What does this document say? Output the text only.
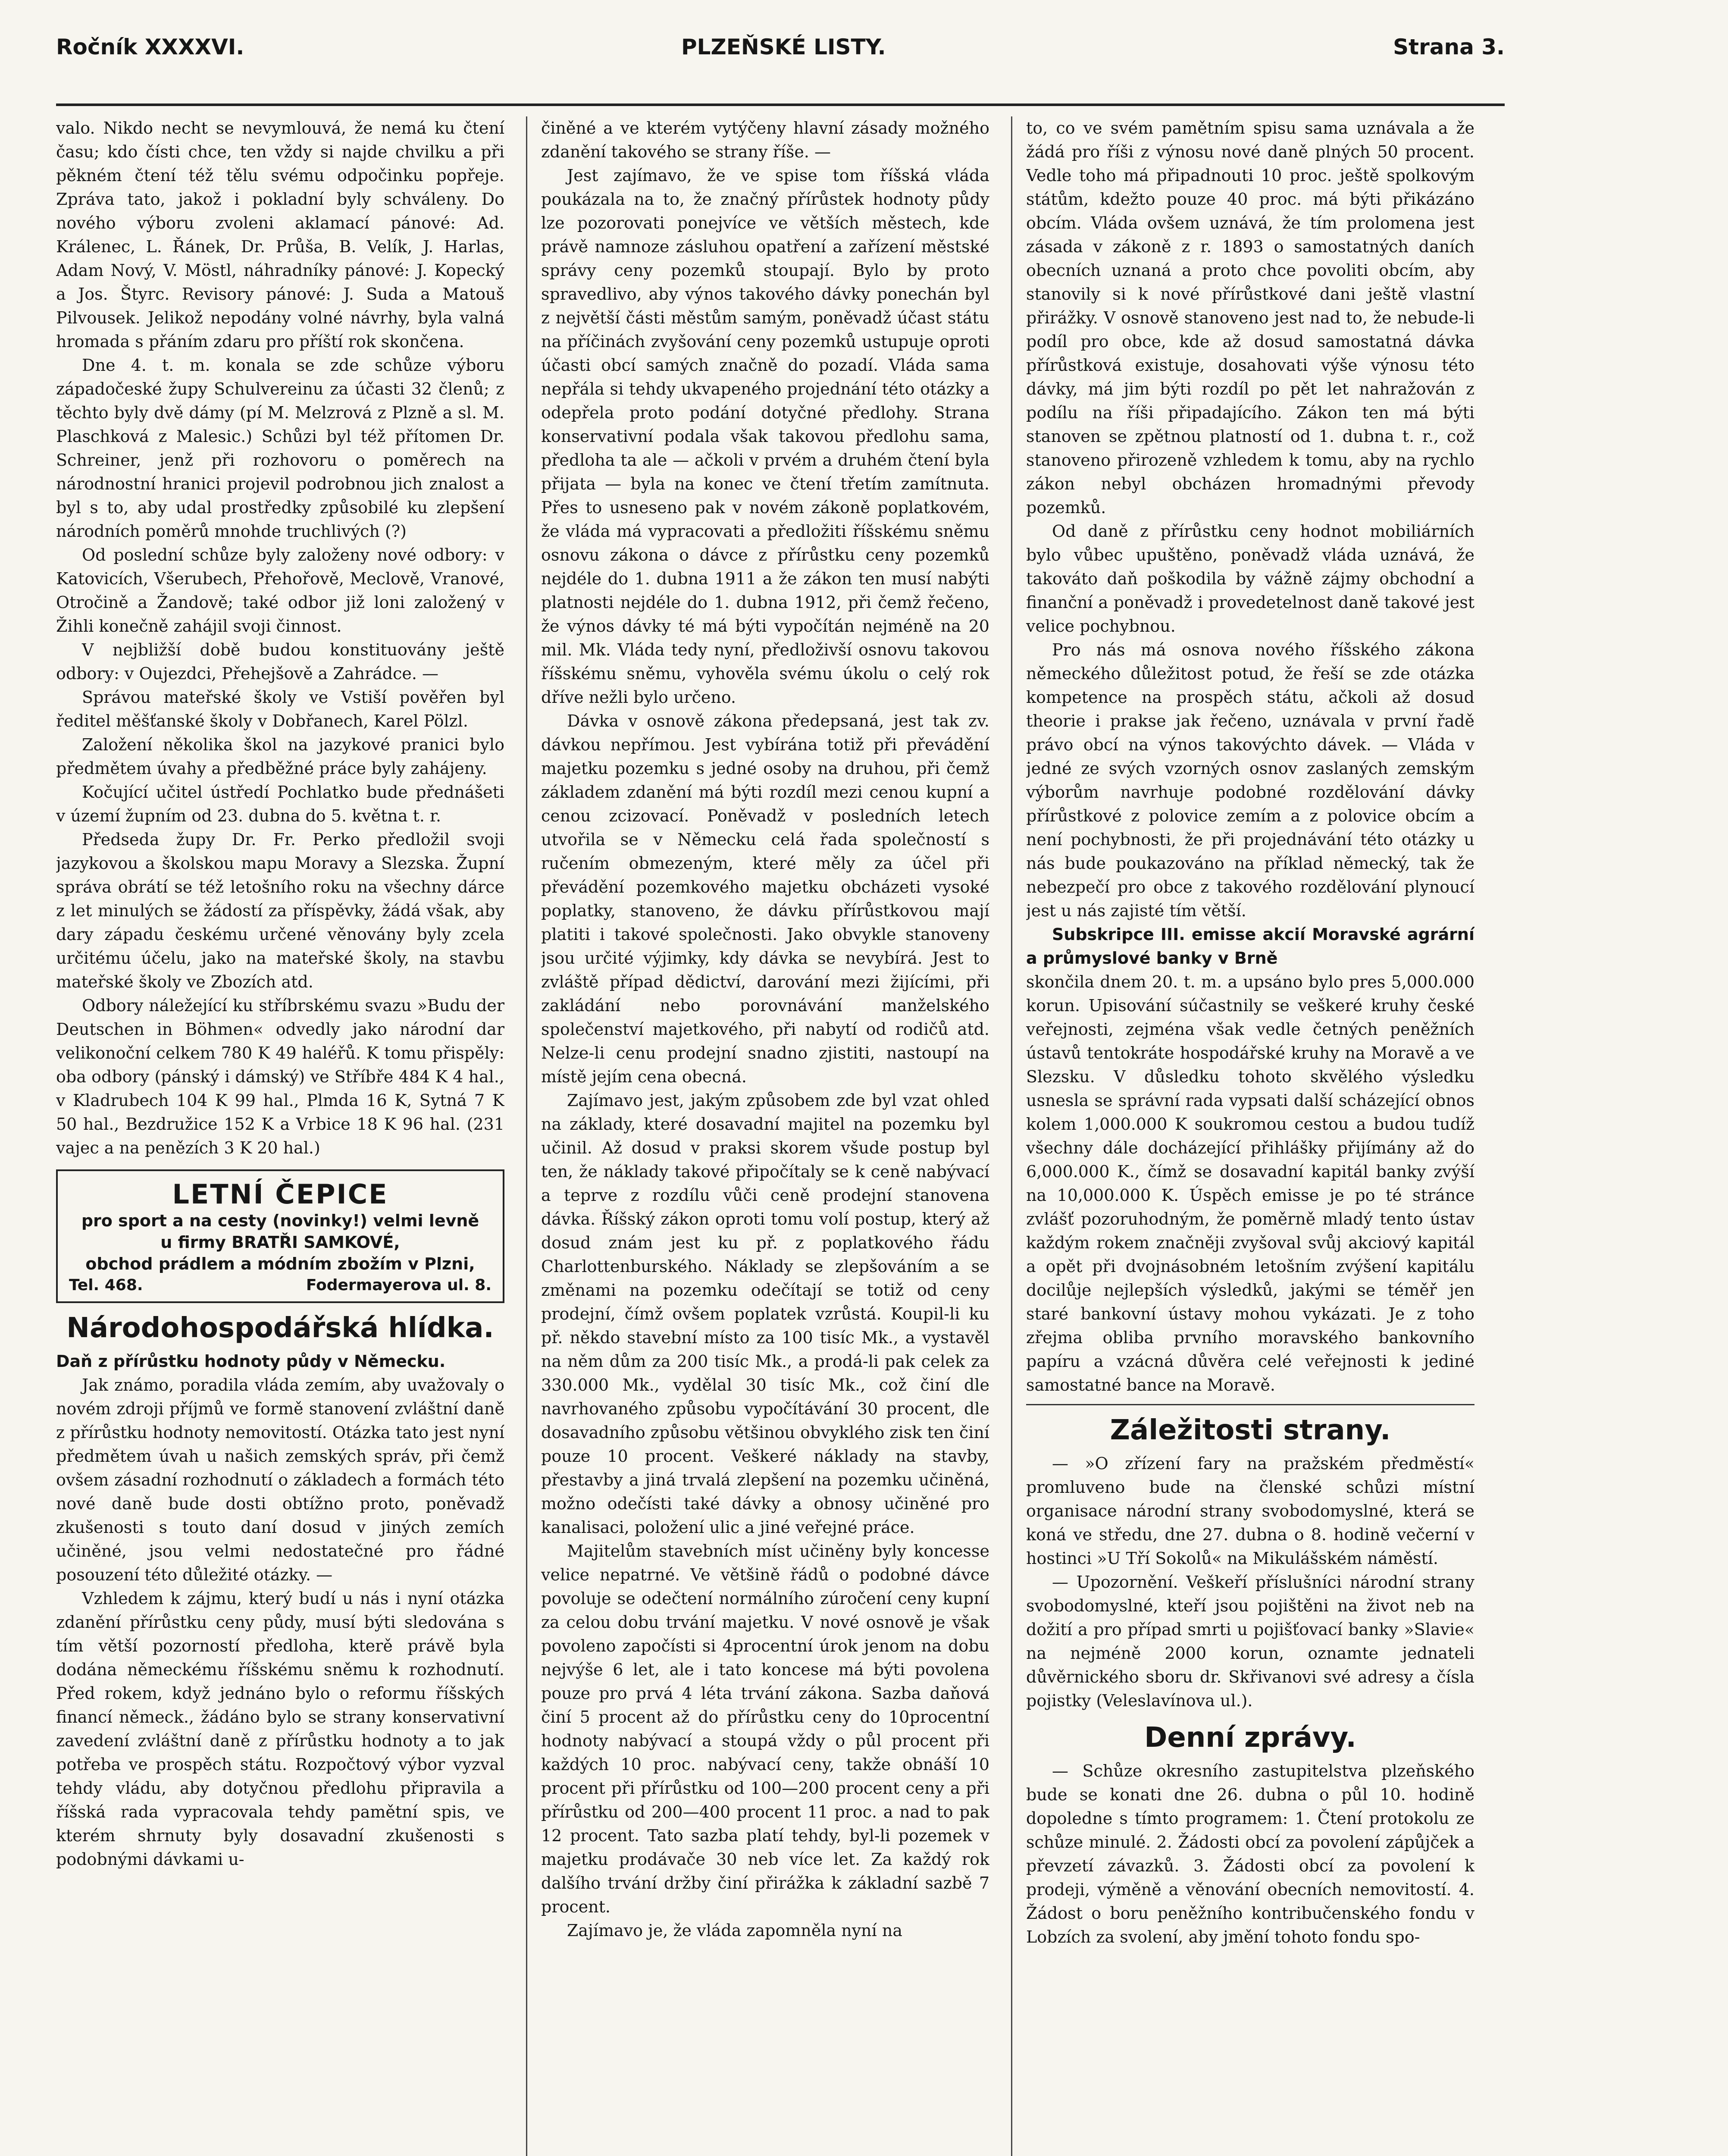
Ročník XXXXVI.	PLZEŇSKÉ LISTY.	Strana 3.

valo. Nikdo necht se nevymlouvá, že nemá ku čtení času; kdo čísti chce, ten vždy si najde chvilku a při pěkném čtení též tělu svému odpočinku popřeje. Zpráva tato, jakož i pokladní byly schváleny. Do nového výboru zvoleni aklamací pánové: Ad. Králenec, L. Řánek, Dr. Průša, B. Velík, J. Harlas, Adam Nový, V. Möstl, náhradníky pánové: J. Kopecký a Jos. Štyrc. Revisory pánové: J. Suda a Matouš Pilvousek. Jelikož nepodány volné návrhy, byla valná hromada s přáním zdaru pro příští rok skončena.

Dne 4. t. m. konala se zde schůze výboru západočeské župy Schulvereinu za účasti 32 členů; z těchto byly dvě dámy (pí M. Melzrová z Plzně a sl. M. Plaschková z Malesic.) Schůzi byl též přítomen Dr. Schreiner, jenž při rozhovoru o poměrech na národnostní hranici projevil podrobnou jich znalost a byl s to, aby udal prostředky způsobilé ku zlepšení národních poměrů mnohde truchlivých (?)

Od poslední schůze byly založeny nové odbory: v Katovicích, Všerubech, Přehořově, Meclově, Vranové, Otročině a Žandově; také odbor již loni založený v Žihli konečně zahájil svoji činnost.

V nejbližší době budou konstituovány ještě odbory: v Oujezdci, Přehejšově a Zahrádce. —

Správou mateřské školy ve Vstiší pověřen byl ředitel měšťanské školy v Dobřanech, Karel Pölzl.

Založení několika škol na jazykové pranici bylo předmětem úvahy a předběžné práce byly zahájeny.

Kočující učitel ústředí Pochlatko bude přednášeti v území župním od 23. dubna do 5. května t. r.

Předseda župy Dr. Fr. Perko předložil svoji jazykovou a školskou mapu Moravy a Slezska. Župní správa obrátí se též letošního roku na všechny dárce z let minulých se žádostí za příspěvky, žádá však, aby dary západu českému určené věnovány byly zcela určitému účelu, jako na mateřské školy, na stavbu mateřské školy ve Zbozích atd.

Odbory náležející ku stříbrskému svazu »Budu der Deutschen in Böhmen« odvedly jako národní dar velikonoční celkem 780 K 49 haléřů. K tomu přispěly: oba odbory (pánský i dámský) ve Stříbře 484 K 4 hal., v Kladrubech 104 K 99 hal., Plmda 16 K, Sytná 7 K 50 hal., Bezdružice 152 K a Vrbice 18 K 96 hal. (231 vajec a na penězích 3 K 20 hal.)

LETNÍ ČEPICE
pro sport a na cesty (novinky!) velmi levně
u firmy BRATŘI SAMKOVÉ,
obchod prádlem a módním zbožím v Plzni,
Tel. 468.	Fodermayerova ul. 8.
Národohospodářská hlídka.
Daň z přírůstku hodnoty půdy v Německu.

Jak známo, poradila vláda zemím, aby uvažovaly o novém zdroji příjmů ve formě stanovení zvláštní daně z přírůstku hodnoty nemovitostí. Otázka tato jest nyní předmětem úvah u našich zemských správ, při čemž ovšem zásadní rozhodnutí o základech a formách této nové daně bude dosti obtížno proto, poněvadž zkušenosti s touto daní dosud v jiných zemích učiněné, jsou velmi nedostatečné pro řádné posouzení této důležité otázky. —

Vzhledem k zájmu, který budí u nás i nyní otázka zdanění přírůstku ceny půdy, musí býti sledována s tím větší pozorností předloha, kterě právě byla dodána německému říšskému sněmu k rozhodnutí. Před rokem, když jednáno bylo o reformu říšských financí německ., žádáno bylo se strany konservativní zavedení zvláštní daně z přírůstku hodnoty a to jak potřeba ve prospěch státu. Rozpočtový výbor vyzval tehdy vládu, aby dotyčnou předlohu připravila a říšská rada vypracovala tehdy pamětní spis, ve kterém shrnuty byly dosavadní zkušenosti s podobnými dávkami u-

činěné a ve kterém vytýčeny hlavní zásady možného zdanění takového se strany říše. —

Jest zajímavo, že ve spise tom říšská vláda poukázala na to, že značný přírůstek hodnoty půdy lze pozorovati ponejvíce ve větších městech, kde právě namnoze zásluhou opatření a zařízení městské správy ceny pozemků stoupají. Bylo by proto spravedlivo, aby výnos takového dávky ponechán byl z největší části městům samým, poněvadž účast státu na příčinách zvyšování ceny pozemků ustupuje oproti účasti obcí samých značně do pozadí. Vláda sama nepřála si tehdy ukvapeného projednání této otázky a odepřela proto podání dotyčné předlohy. Strana konservativní podala však takovou předlohu sama, předloha ta ale — ačkoli v prvém a druhém čtení byla přijata — byla na konec ve čtení třetím zamítnuta. Přes to usneseno pak v novém zákoně poplatkovém, že vláda má vypracovati a předložiti říšskému sněmu osnovu zákona o dávce z přírůstku ceny pozemků nejdéle do 1. dubna 1911 a že zákon ten musí nabýti platnosti nejdéle do 1. dubna 1912, při čemž řečeno, že výnos dávky té má býti vypočítán nejméně na 20 mil. Mk. Vláda tedy nyní, předloživší osnovu takovou říšskému sněmu, vyhověla svému úkolu o celý rok dříve nežli bylo určeno.

Dávka v osnově zákona předepsaná, jest tak zv. dávkou nepřímou. Jest vybírána totiž při převádění majetku pozemku s jedné osoby na druhou, při čemž základem zdanění má býti rozdíl mezi cenou kupní a cenou zcizovací. Poněvadž v posledních letech utvořila se v Německu celá řada společností s ručením obmezeným, které měly za účel při převádění pozemkového majetku obcházeti vysoké poplatky, stanoveno, že dávku přírůstkovou mají platiti i takové společnosti. Jako obvykle stanoveny jsou určité výjimky, kdy dávka se nevybírá. Jest to zvláště případ dědictví, darování mezi žijícími, při zakládání nebo porovnávání manželského společenství majetkového, při nabytí od rodičů atd. Nelze-li cenu prodejní snadno zjistiti, nastoupí na místě jejím cena obecná.

Zajímavo jest, jakým způsobem zde byl vzat ohled na základy, které dosavadní majitel na pozemku byl učinil. Až dosud v praksi skorem všude postup byl ten, že náklady takové připočítaly se k ceně nabývací a teprve z rozdílu vůči ceně prodejní stanovena dávka. Říšský zákon oproti tomu volí postup, který až dosud znám jest ku př. z poplatkového řádu Charlottenburského. Náklady se zlepšováním a se změnami na pozemku odečítají se totiž od ceny prodejní, čímž ovšem poplatek vzrůstá. Koupil-li ku př. někdo stavební místo za 100 tisíc Mk., a vystavěl na něm dům za 200 tisíc Mk., a prodá-li pak celek za 330.000 Mk., vydělal 30 tisíc Mk., což činí dle navrhovaného způsobu vypočítávání 30 procent, dle dosavadního způsobu většinou obvyklého zisk ten činí pouze 10 procent. Veškeré náklady na stavby, přestavby a jiná trvalá zlepšení na pozemku učiněná, možno odečísti také dávky a obnosy učiněné pro kanalisaci, položení ulic a jiné veřejné práce.

Majitelům stavebních míst učiněny byly koncesse velice nepatrné. Ve většině řádů o podobné dávce povoluje se odečtení normálního zúročení ceny kupní za celou dobu trvání majetku. V nové osnově je však povoleno započísti si 4procentní úrok jenom na dobu nejvýše 6 let, ale i tato koncese má býti povolena pouze pro prvá 4 léta trvání zákona. Sazba daňová činí 5 procent až do přírůstku ceny do 10procentní hodnoty nabývací a stoupá vždy o půl procent při každých 10 proc. nabývací ceny, takže obnáší 10 procent při přírůstku od 100—200 procent ceny a při přírůstku od 200—400 procent 11 proc. a nad to pak 12 procent. Tato sazba platí tehdy, byl-li pozemek v majetku prodávače 30 neb více let. Za každý rok dalšího trvání držby činí přirážka k základní sazbě 7 procent.

Zajímavo je, že vláda zapomněla nyní na

to, co ve svém pamětním spisu sama uznávala a že žádá pro říši z výnosu nové daně plných 50 procent. Vedle toho má připadnouti 10 proc. ještě spolkovým státům, kdežto pouze 40 proc. má býti přikázáno obcím. Vláda ovšem uznává, že tím prolomena jest zásada v zákoně z r. 1893 o samostatných daních obecních uznaná a proto chce povoliti obcím, aby stanovily si k nové přírůstkové dani ještě vlastní přirážky. V osnově stanoveno jest nad to, že nebude-li podíl pro obce, kde až dosud samostatná dávka přírůstková existuje, dosahovati výše výnosu této dávky, má jim býti rozdíl po pět let nahražován z podílu na říši připadajícího. Zákon ten má býti stanoven se zpětnou platností od 1. dubna t. r., což stanoveno přirozeně vzhledem k tomu, aby na rychlo zákon nebyl obcházen hromadnými převody pozemků.

Od daně z přírůstku ceny hodnot mobiliárních bylo vůbec upuštěno, poněvadž vláda uznává, že takováto daň poškodila by vážně zájmy obchodní a finanční a poněvadž i provedetelnost daně takové jest velice pochybnou.

Pro nás má osnova nového říšského zákona německého důležitost potud, že řeší se zde otázka kompetence na prospěch státu, ačkoli až dosud theorie i prakse jak řečeno, uznávala v první řadě právo obcí na výnos takovýchto dávek. — Vláda v jedné ze svých vzorných osnov zaslaných zemským výborům navrhuje podobné rozdělování dávky přírůstkové z polovice zemím a z polovice obcím a není pochybnosti, že při projednávání této otázky u nás bude poukazováno na příklad německý, tak že nebezpečí pro obce z takového rozdělování plynoucí jest u nás zajisté tím větší.

Subskripce III. emisse akcií Moravské agrární a průmyslové banky v Brně

skončila dnem 20. t. m. a upsáno bylo pres 5,000.000 korun. Upisování súčastnily se veškeré kruhy české veřejnosti, zejména však vedle četných peněžních ústavů tentokráte hospodářské kruhy na Moravě a ve Slezsku. V důsledku tohoto skvělého výsledku usnesla se správní rada vypsati další scházející obnos kolem 1,000.000 K soukromou cestou a budou tudíž všechny dále docházející přihlášky přijímány až do 6,000.000 K., čímž se dosavadní kapitál banky zvýší na 10,000.000 K. Úspěch emisse je po té stránce zvlášť pozoruhodným, že poměrně mladý tento ústav každým rokem značněji zvyšoval svůj akciový kapitál a opět při dvojnásobném letošním zvýšení kapitálu docilůje nejlepších výsledků, jakými se téměř jen staré bankovní ústavy mohou vykázati. Je z toho zřejma obliba prvního moravského bankovního papíru a vzácná důvěra celé veřejnosti k jediné samostatné bance na Moravě.

Záležitosti strany.

— »O zřízení fary na pražském předměstí« promluveno bude na členské schůzi místní organisace národní strany svobodomyslné, která se koná ve středu, dne 27. dubna o 8. hodině večerní v hostinci »U Tří Sokolů« na Mikulášském náměstí.

— Upozornění. Veškeří příslušníci národní strany svobodomyslné, kteří jsou pojištěni na život neb na dožití a pro případ smrti u pojišťovací banky »Slavie« na nejméně 2000 korun, oznamte jednateli důvěrnického sboru dr. Skřivanovi své adresy a čísla pojistky (Veleslavínova ul.).

Denní zprávy.

— Schůze okresního zastupitelstva plzeňského bude se konati dne 26. dubna o půl 10. hodině dopoledne s tímto programem: 1. Čtení protokolu ze schůze minulé. 2. Žádosti obcí za povolení zápůjček a převzetí závazků. 3. Žádosti obcí za povolení k prodeji, výměně a věnování obecních nemovitostí. 4. Žádost o boru peněžního kontribučenského fondu v Lobzích za svolení, aby jmění tohoto fondu spo-
